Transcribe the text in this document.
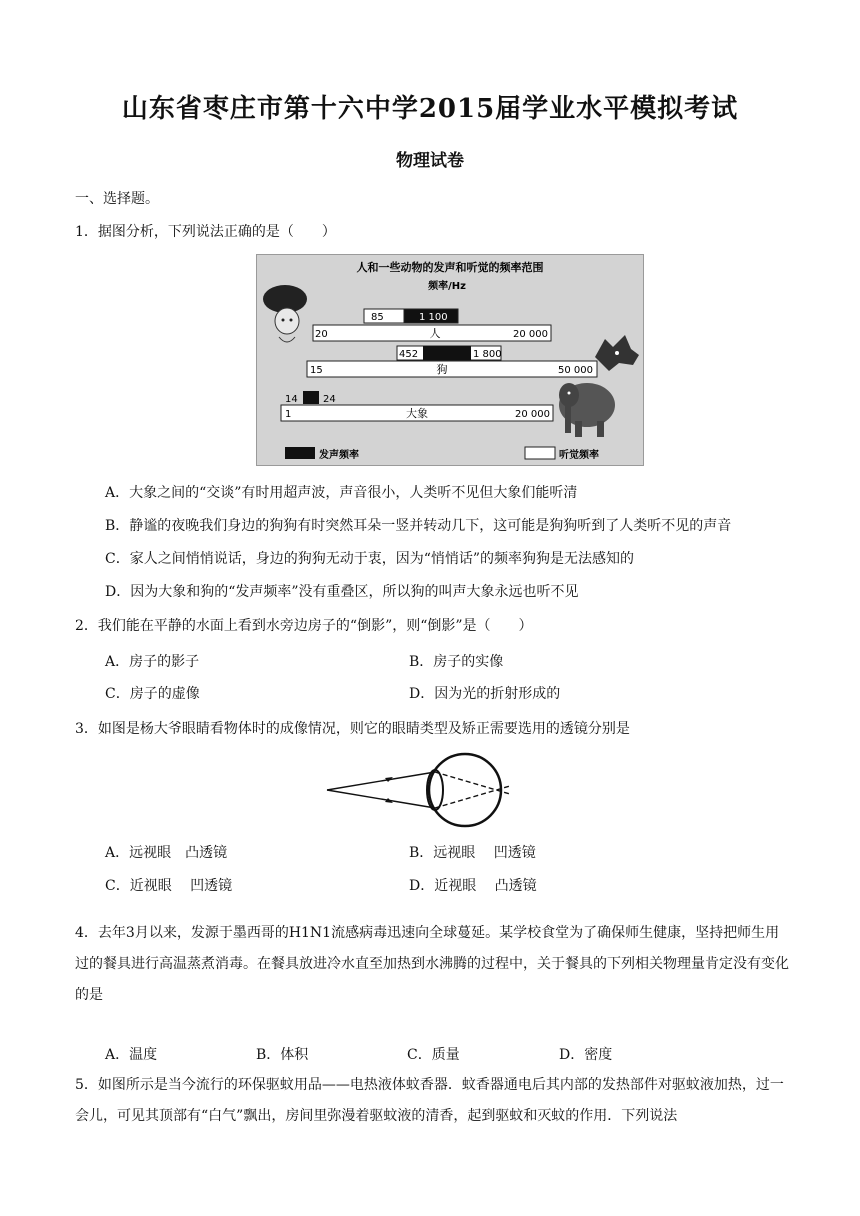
山东省枣庄市第十六中学2015届学业水平模拟考试
物理试卷
一、选择题。
1．据图分析，下列说法正确的是（　　）
人和一些动物的发声和听觉的频率范围
频率/Hz
85	1 100
20	人	20 000
452	1 800
15	狗	50 000
14	24
1	大象	20 000
发声频率	听觉频率
A．大象之间的“交谈”有时用超声波，声音很小，人类听不见但大象们能听清
B．静谧的夜晚我们身边的狗狗有时突然耳朵一竖并转动几下，这可能是狗狗听到了人类听不见的声音
C．家人之间悄悄说话，身边的狗狗无动于衷，因为“悄悄话”的频率狗狗是无法感知的
D．因为大象和狗的“发声频率”没有重叠区，所以狗的叫声大象永远也听不见
2．我们能在平静的水面上看到水旁边房子的“倒影”，则“倒影”是（　　）
A．房子的影子	B．房子的实像
C．房子的虚像	D．因为光的折射形成的
3．如图是杨大爷眼睛看物体时的成像情况，则它的眼睛类型及矫正需要选用的透镜分别是
A．远视眼　凸透镜	B．远视眼　 凹透镜
C．近视眼　 凹透镜	D．近视眼　 凸透镜
4．去年3月以来，发源于墨西哥的H1N1流感病毒迅速向全球蔓延。某学校食堂为了确保师生健康，坚持把师生用过的餐具进行高温蒸煮消毒。在餐具放进冷水直至加热到水沸腾的过程中，关于餐具的下列相关物理量肯定没有变化的是
A．温度	B．体积	C．质量	D．密度
5．如图所示是当今流行的环保驱蚊用品——电热液体蚊香器．蚊香器通电后其内部的发热部件对驱蚊液加热，过一会儿，可见其顶部有“白气”飘出，房间里弥漫着驱蚊液的清香，起到驱蚊和灭蚊的作用．下列说法
